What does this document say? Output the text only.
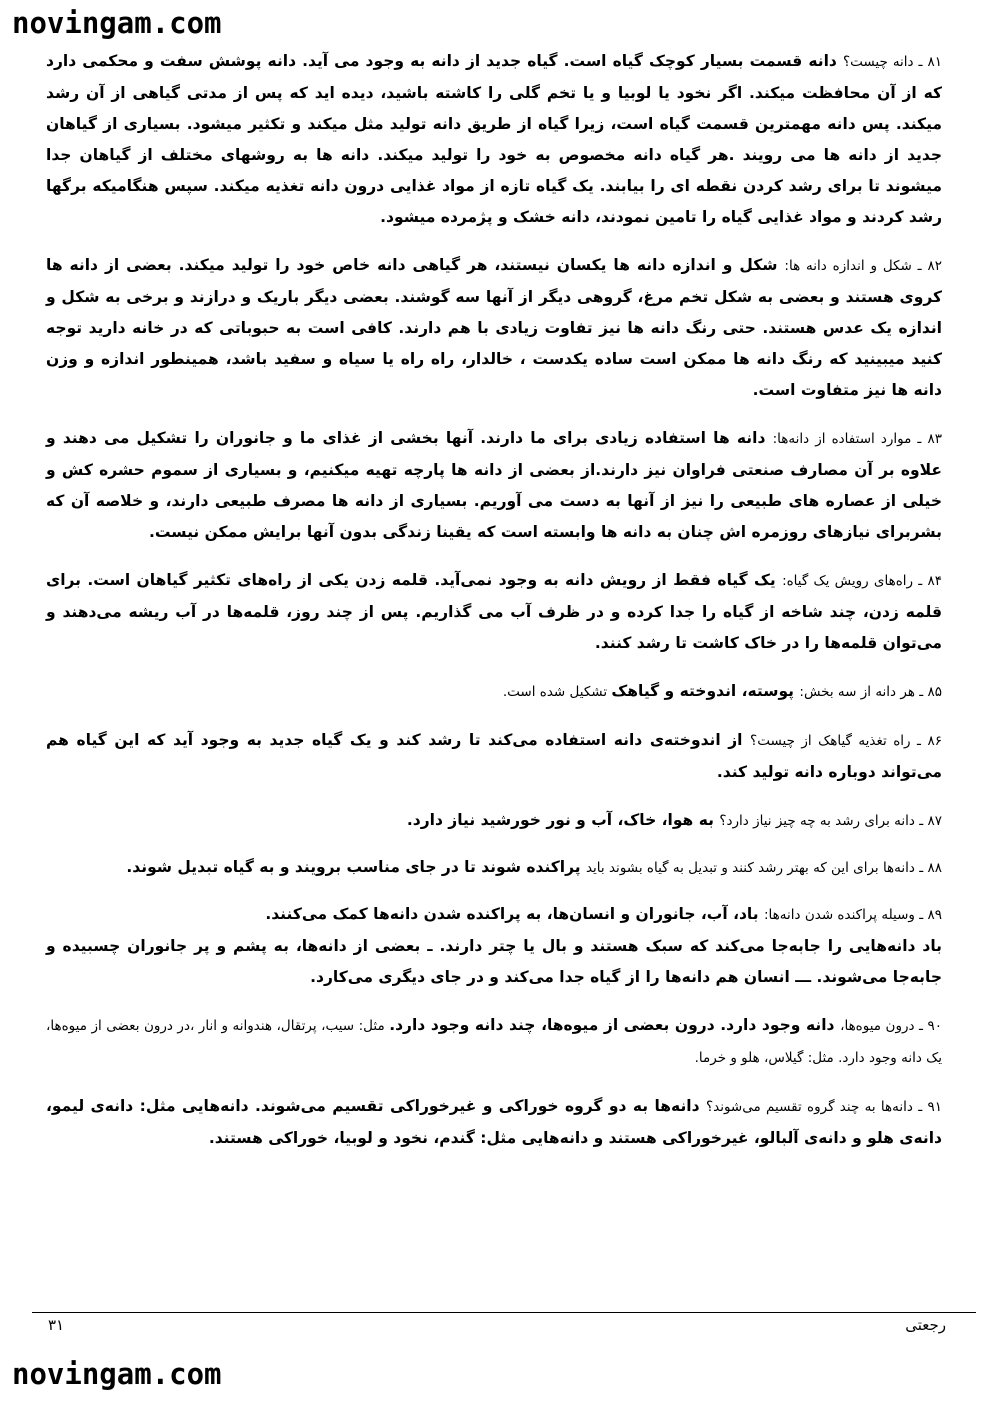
novingam.com

۸۱ ـ دانه چیست؟ دانه قسمت بسیار کوچک گیاه است. گیاه جدید از دانه به وجود می آید. دانه پوشش سفت و محکمی دارد که از آن محافظت میکند. اگر نخود یا لوبیا و یا تخم گلی را کاشته باشید، دیده اید که پس از مدتی گیاهی از آن رشد میکند. پس دانه مهمترین قسمت گیاه است، زیرا گیاه از طریق دانه تولید مثل میکند و تکثیر میشود. بسیاری از گیاهان جدید از دانه ها می رویند .هر گیاه دانه مخصوص به خود را تولید میکند. دانه ها به روشهای مختلف از گیاهان جدا میشوند تا برای رشد کردن نقطه ای را بیابند. یک گیاه تازه از مواد غذایی درون دانه تغذیه میکند. سپس هنگامیکه برگها رشد کردند و مواد غذایی گیاه را تامین نمودند، دانه خشک و پژمرده میشود.

۸۲ ـ شکل و اندازه دانه ها: شکل و اندازه دانه ها یکسان نیستند، هر گیاهی دانه خاص خود را تولید میکند. بعضی از دانه ها کروی هستند و بعضی به شکل تخم مرغ، گروهی دیگر از آنها سه گوشند. بعضی دیگر باریک و درازند و برخی به شکل و اندازه یک عدس هستند. حتی رنگ دانه ها نیز تفاوت زیادی با هم دارند. کافی است به حبوباتی که در خانه دارید توجه کنید میبینید که رنگ دانه ها ممکن است ساده یکدست ، خالدار، راه راه یا سیاه و سفید باشد، همینطور اندازه و وزن دانه ها نیز متفاوت است.

۸۳ ـ موارد استفاده از دانه‌ها: دانه ها استفاده زیادی برای ما دارند. آنها بخشی از غذای ما و جانوران را تشکیل می دهند و علاوه بر آن مصارف صنعتی فراوان نیز دارند.از بعضی از دانه ها پارچه تهیه میکنیم، و بسیاری از سموم حشره کش و خیلی از عصاره های طبیعی را نیز از آنها به دست می آوریم. بسیاری از دانه ها مصرف طبیعی دارند، و خلاصه آن که بشربرای نیازهای روزمره اش چنان به دانه ها وابسته است که یقینا زندگی بدون آنها برایش ممکن نیست.

۸۴ ـ راه‌های رویش یک گیاه: یک گیاه فقط از رویش دانه به وجود نمی‌آید. قلمه زدن یکی از راه‌های تکثیر گیاهان است. برای قلمه زدن، چند شاخه از گیاه را جدا کرده و در ظرف آب می گذاریم. پس از چند روز، قلمه‌ها در آب ریشه می‌دهند و می‌توان قلمه‌ها را در خاک کاشت تا رشد کنند.

۸۵ ـ هر دانه از سه بخش: پوسته، اندوخته و گیاهک تشکیل شده است.

۸۶ ـ راه تغذیه گیاهک از چیست؟ از اندوخته‌ی دانه استفاده می‌کند تا رشد کند و یک گیاه جدید به وجود آید که این گیاه هم می‌تواند دوباره دانه تولید کند.

۸۷ ـ دانه برای رشد به چه چیز نیاز دارد؟ به هوا، خاک، آب و نور خورشید نیاز دارد.

۸۸ ـ دانه‌ها برای این که بهتر رشد کنند و تبدیل به گیاه بشوند باید پراکنده شوند تا در جای مناسب برویند و به گیاه تبدیل شوند.

۸۹ ـ وسیله پراکنده شدن دانه‌ها: باد، آب، جانوران و انسان‌ها، به پراکنده شدن دانه‌ها کمک می‌کنند.

باد دانه‌هایی را جابه‌جا می‌کند که سبک هستند و بال یا چتر دارند. ـ بعضی از دانه‌ها، به پشم و پر جانوران چسبیده و جابه‌جا می‌شوند. ـــ انسان هم دانه‌ها را از گیاه جدا می‌کند و در جای دیگری می‌کارد.

۹۰ ـ درون میوه‌ها، دانه وجود دارد. درون بعضی از میوه‌ها، چند دانه وجود دارد. مثل: سیب، پرتقال، هندوانه و انار ،در درون بعضی از میوه‌ها، یک دانه وجود دارد. مثل: گیلاس، هلو و خرما.

۹۱ ـ دانه‌ها به چند گروه تقسیم می‌شوند؟ دانه‌ها به دو گروه خوراکی و غیرخوراکی تقسیم می‌شوند. دانه‌هایی مثل: دانه‌ی لیمو، دانه‌ی هلو و دانه‌ی آلبالو، غیرخوراکی هستند و دانه‌هایی مثل: گندم، نخود و لوبیا، خوراکی هستند.

۳۱	رجعتی
novingam.com
